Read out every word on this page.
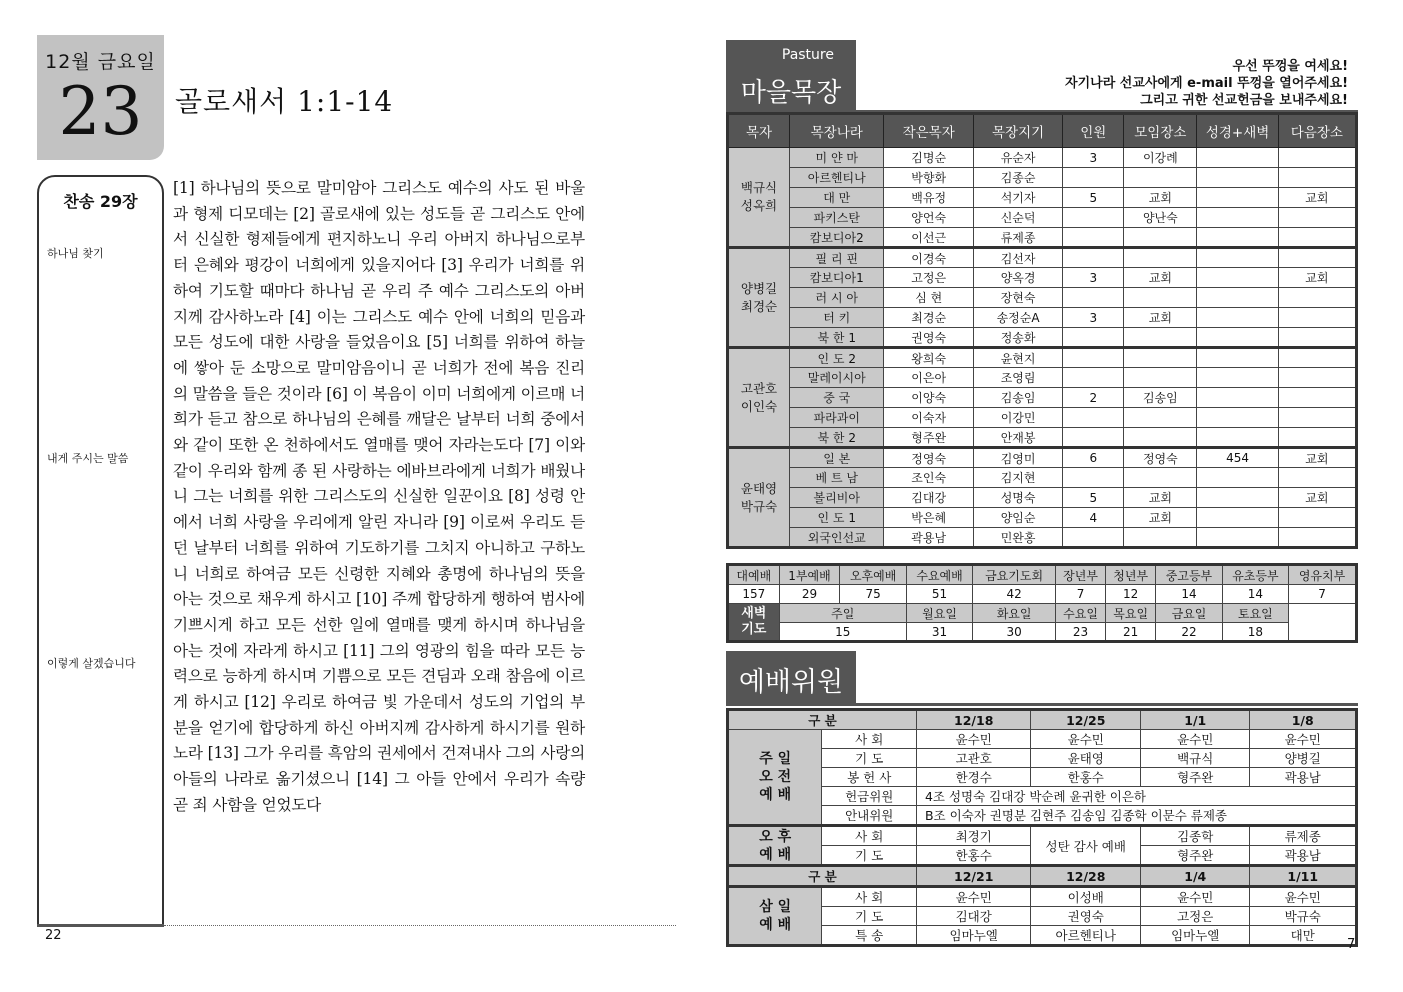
12월 금요일
23	골로새서 1:1-14
찬송 29장
하나님 찾기
내게 주시는 말씀
이렇게 살겠습니다
[1] 하나님의 뜻으로 말미암아 그리스도 예수의 사도 된 바울과 형제 디모데는 [2] 골로새에 있는 성도들 곧 그리스도 안에서 신실한 형제들에게 편지하노니 우리 아버지 하나님으로부터 은혜와 평강이 너희에게 있을지어다 [3] 우리가 너희를 위하여 기도할 때마다 하나님 곧 우리 주 예수 그리스도의 아버지께 감사하노라 [4] 이는 그리스도 예수 안에 너희의 믿음과 모든 성도에 대한 사랑을 들었음이요 [5] 너희를 위하여 하늘에 쌓아 둔 소망으로 말미암음이니 곧 너희가 전에 복음 진리의 말씀을 들은 것이라 [6] 이 복음이 이미 너희에게 이르매 너희가 듣고 참으로 하나님의 은혜를 깨달은 날부터 너희 중에서와 같이 또한 온 천하에서도 열매를 맺어 자라는도다 [7] 이와 같이 우리와 함께 종 된 사랑하는 에바브라에게 너희가 배웠나니 그는 너희를 위한 그리스도의 신실한 일꾼이요 [8] 성령 안에서 너희 사랑을 우리에게 알린 자니라 [9] 이로써 우리도 듣던 날부터 너희를 위하여 기도하기를 그치지 아니하고 구하노니 너희로 하여금 모든 신령한 지혜와 총명에 하나님의 뜻을 아는 것으로 채우게 하시고 [10] 주께 합당하게 행하여 범사에 기쁘시게 하고 모든 선한 일에 열매를 맺게 하시며 하나님을 아는 것에 자라게 하시고 [11] 그의 영광의 힘을 따라 모든 능력으로 능하게 하시며 기쁨으로 모든 견딤과 오래 참음에 이르게 하시고 [12] 우리로 하여금 빛 가운데서 성도의 기업의 부분을 얻기에 합당하게 하신 아버지께 감사하게 하시기를 원하노라 [13] 그가 우리를 흑암의 권세에서 건져내사 그의 사랑의 아들의 나라로 옮기셨으니 [14] 그 아들 안에서 우리가 속량 곧 죄 사함을 얻었도다
22
Pasture
마을목장
우선 뚜껑을 여세요!
자기나라 선교사에게 e-mail 뚜껑을 열어주세요!
그리고 귀한 선교헌금을 보내주세요!
목자	목장나라	작은목자	목장지기	인원	모임장소	성경+새벽	다음장소
백규식
성옥희	미 얀 마	김명순	유순자	3	이강례		
	아르헨티나	박향화	김종순				
	대 만	백유정	석기자	5	교회		교회
	파키스탄	양언숙	신순덕		양난숙		
	캄보디아2	이선근	류제종				
양병길
최경순	필 리 핀	이경숙	김선자				
	캄보디아1	고정은	양옥경	3	교회		교회
	러 시 아	심 현	장현숙				
	터 키	최경순	송정순A	3	교회		
	북 한 1	권영숙	정송화				
고관호
이인숙	인 도 2	왕희숙	윤현지				
	말레이시아	이은아	조영림				
	중 국	이양숙	김송임	2	김송임		
	파라과이	이숙자	이강민				
	북 한 2	형주완	안재봉				
윤태영
박규숙	일 본	정영숙	김영미	6	정영숙	454	교회
	베 트 남	조인숙	김지현				
	볼리비아	김대강	성명숙	5	교회		교회
	인 도 1	박은혜	양임순	4	교회		
	외국인선교	곽용남	민완홍				
대예배	1부예배	오후예배	수요예배	금요기도회	장년부	청년부	중고등부	유초등부	영유치부
157	29	75	51	42	7	12	14	14	7
새벽
기도	주일		월요일	화요일	수요일	목요일	금요일	토요일	
	15		31	30	23	21	22	18	
예배위원
구 분		12/18	12/25	1/1	1/8
주 일
오 전
예 배	사 회	윤수민	윤수민	윤수민	윤수민
	기 도	고관호	윤태영	백규식	양병길
	봉 헌 사	한경수	한홍수	형주완	곽용남
	헌금위원	4조 성명숙 김대강 박순례 윤귀한 이은하			
	안내위원	B조 이숙자 권명분 김현주 김송임 김종학 이문수 류제종			
오 후
예 배	사 회	최경기	성탄 감사 예배	김종학	류제종
	기 도	한홍수		형주완	곽용남
구 분		12/21	12/28	1/4	1/11
삼 일
예 배	사 회	윤수민	이성배	윤수민	윤수민
	기 도	김대강	권영숙	고정은	박규숙
	특 송	임마누엘	아르헨티나	임마누엘	대만
7
